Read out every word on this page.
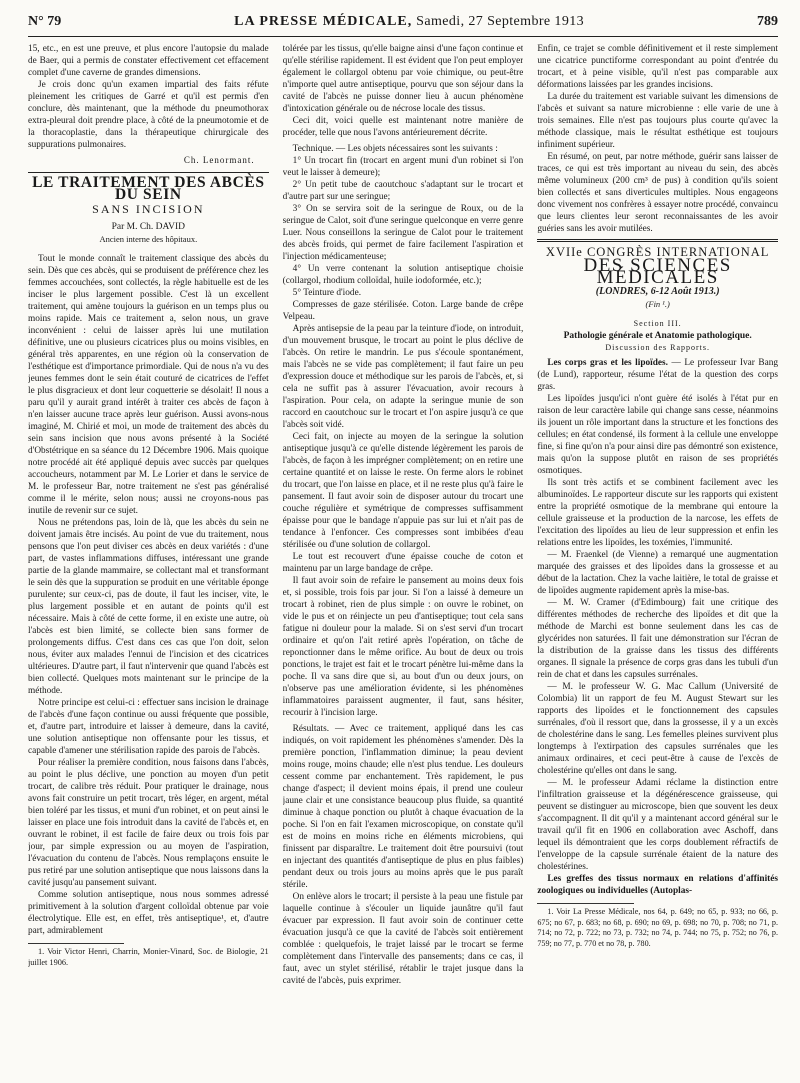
N° 79	LA PRESSE MÉDICALE, Samedi, 27 Septembre 1913	789

15, etc., en est une preuve, et plus encore l'autopsie du malade de Baer, qui a permis de constater effectivement cet effacement complet d'une caverne de grandes dimensions.

Je crois donc qu'un examen impartial des faits réfute pleinement les critiques de Garré et qu'il est permis d'en conclure, dès maintenant, que la méthode du pneumothorax extra-pleural doit prendre place, à côté de la pneumotomie et de la thoracoplastie, dans la thérapeutique chirurgicale des suppurations pulmonaires.

Ch. Lenormant.
LE TRAITEMENT DES ABCÈS DU SEIN
SANS INCISION
Par M. Ch. DAVID
Ancien interne des hôpitaux.

Tout le monde connaît le traitement classique des abcès du sein. Dès que ces abcès, qui se produisent de préférence chez les femmes accouchées, sont collectés, la règle habituelle est de les inciser le plus largement possible. C'est là un excellent traitement, qui amène toujours la guérison en un temps plus ou moins rapide. Mais ce traitement a, selon nous, un grave inconvénient : celui de laisser après lui une mutilation définitive, une ou plusieurs cicatrices plus ou moins visibles, en général très apparentes, en une région où la conservation de l'esthétique est d'importance primordiale. Qui de nous n'a vu des jeunes femmes dont le sein était couturé de cicatrices de l'effet le plus disgracieux et dont leur coquetterie se désolait! Il nous a paru qu'il y aurait grand intérêt à traiter ces abcès de façon à n'en laisser aucune trace après leur guérison. Aussi avons-nous imaginé, M. Chirié et moi, un mode de traitement des abcès du sein sans incision que nous avons présenté à la Société d'Obstétrique en sa séance du 12 Décembre 1906. Mais quoique notre procédé ait été appliqué depuis avec succès par quelques accoucheurs, notamment par M. Le Lorier et dans le service de M. le professeur Bar, notre traitement ne s'est pas généralisé comme il le mérite, selon nous; aussi ne croyons-nous pas inutile de revenir sur ce sujet.

Nous ne prétendons pas, loin de là, que les abcès du sein ne doivent jamais être incisés. Au point de vue du traitement, nous pensons que l'on peut diviser ces abcès en deux variétés : d'une part, de vastes inflammations diffuses, intéressant une grande partie de la glande mammaire, se collectant mal et transformant le sein dès que la suppuration se produit en une véritable éponge purulente; sur ceux-ci, pas de doute, il faut les inciser, vite, le plus largement possible et en autant de points qu'il est nécessaire. Mais à côté de cette forme, il en existe une autre, où l'abcès est bien limité, se collecte bien sans former de prolongements diffus. C'est dans ces cas que l'on doit, selon nous, éviter aux malades l'ennui de l'incision et des cicatrices ultérieures. D'autre part, il faut n'intervenir que quand l'abcès est bien collecté. Quelques mots maintenant sur le principe de la méthode.

Notre principe est celui-ci : effectuer sans incision le drainage de l'abcès d'une façon continue ou aussi fréquente que possible, et, d'autre part, introduire et laisser à demeure, dans la cavité, une solution antiseptique non offensante pour les tissus, et capable d'amener une stérilisation rapide des parois de l'abcès.

Pour réaliser la première condition, nous faisons dans l'abcès, au point le plus déclive, une ponction au moyen d'un petit trocart, de calibre très réduit. Pour pratiquer le drainage, nous avons fait construire un petit trocart, très léger, en argent, métal bien toléré par les tissus, et muni d'un robinet, et on peut ainsi le laisser en place une fois introduit dans la cavité de l'abcès et, en ouvrant le robinet, il est facile de faire deux ou trois fois par jour, par simple expression ou au moyen de l'aspiration, l'évacuation du contenu de l'abcès. Nous remplaçons ensuite le pus retiré par une solution antiseptique que nous laissons dans la cavité jusqu'au pansement suivant.

Comme solution antiseptique, nous nous sommes adressé primitivement à la solution d'argent colloïdal obtenue par voie électrolytique. Elle est, en effet, très antiseptique¹, et, d'autre part, admirablement

1. Voir Victor Henri, Charrin, Monier-Vinard, Soc. de Biologie, 21 juillet 1906.

tolérée par les tissus, qu'elle baigne ainsi d'une façon continue et qu'elle stérilise rapidement. Il est évident que l'on peut employer également le collargol obtenu par voie chimique, ou peut-être n'importe quel autre antiseptique, pourvu que son séjour dans la cavité de l'abcès ne puisse donner lieu à aucun phénomène d'intoxication générale ou de nécrose locale des tissus.

Ceci dit, voici quelle est maintenant notre manière de procéder, telle que nous l'avons antérieurement décrite.

Technique. — Les objets nécessaires sont les suivants :

1° Un trocart fin (trocart en argent muni d'un robinet si l'on veut le laisser à demeure);

2° Un petit tube de caoutchouc s'adaptant sur le trocart et d'autre part sur une seringue;

3° On se servira soit de la seringue de Roux, ou de la seringue de Calot, soit d'une seringue quelconque en verre genre Luer. Nous conseillons la seringue de Calot pour le traitement des abcès froids, qui permet de faire facilement l'aspiration et l'injection médicamenteuse;

4° Un verre contenant la solution antiseptique choisie (collargol, rhodium colloïdal, huile iodoformée, etc.);

5° Teinture d'iode.

Compresses de gaze stérilisée. Coton. Large bande de crêpe Velpeau.

Après antisepsie de la peau par la teinture d'iode, on introduit, d'un mouvement brusque, le trocart au point le plus déclive de l'abcès. On retire le mandrin. Le pus s'écoule spontanément, mais l'abcès ne se vide pas complètement; il faut faire un peu d'expression douce et méthodique sur les parois de l'abcès, et, si cela ne suffit pas à assurer l'évacuation, avoir recours à l'aspiration. Pour cela, on adapte la seringue munie de son raccord en caoutchouc sur le trocart et l'on aspire jusqu'à ce que l'abcès soit vidé.

Ceci fait, on injecte au moyen de la seringue la solution antiseptique jusqu'à ce qu'elle distende légèrement les parois de l'abcès, de façon à les imprégner complètement; on en retire une certaine quantité et on laisse le reste. On ferme alors le robinet du trocart, que l'on laisse en place, et il ne reste plus qu'à faire le pansement. Il faut avoir soin de disposer autour du trocart une couche régulière et symétrique de compresses suffisamment épaisse pour que le bandage n'appuie pas sur lui et n'ait pas de tendance à l'enfoncer. Ces compresses sont imbibées d'eau stérilisée ou d'une solution de collargol.

Le tout est recouvert d'une épaisse couche de coton et maintenu par un large bandage de crêpe.

Il faut avoir soin de refaire le pansement au moins deux fois et, si possible, trois fois par jour. Si l'on a laissé à demeure un trocart à robinet, rien de plus simple : on ouvre le robinet, on vide le pus et on réinjecte un peu d'antiseptique; tout cela sans fatigue ni douleur pour la malade. Si on s'est servi d'un trocart ordinaire et qu'on l'ait retiré après l'opération, on tâche de reponctionner dans le même orifice. Au bout de deux ou trois ponctions, le trajet est fait et le trocart pénètre lui-même dans la poche. Il va sans dire que si, au bout d'un ou deux jours, on n'observe pas une amélioration évidente, si les phénomènes inflammatoires paraissent augmenter, il faut, sans hésiter, recourir à l'incision large.

Résultats. — Avec ce traitement, appliqué dans les cas indiqués, on voit rapidement les phénomènes s'amender. Dès la première ponction, l'inflammation diminue; la peau devient moins rouge, moins chaude; elle n'est plus tendue. Les douleurs cessent comme par enchantement. Très rapidement, le pus change d'aspect; il devient moins épais, il prend une couleur jaune clair et une consistance beaucoup plus fluide, sa quantité diminue à chaque ponction ou plutôt à chaque évacuation de la poche. Si l'on en fait l'examen microscopique, on constate qu'il est de moins en moins riche en éléments microbiens, qui finissent par disparaître. Le traitement doit être poursuivi (tout en injectant des quantités d'antiseptique de plus en plus faibles) pendant deux ou trois jours au moins après que le pus paraît stérile.

On enlève alors le trocart; il persiste à la peau une fistule par laquelle continue à s'écouler un liquide jaunâtre qu'il faut évacuer par expression. Il faut avoir soin de continuer cette évacuation jusqu'à ce que la cavité de l'abcès soit entièrement comblée : quelquefois, le trajet laissé par le trocart se ferme complètement dans l'intervalle des pansements; dans ce cas, il faut, avec un stylet stérilisé, rétablir le trajet jusque dans la cavité de l'abcès, puis exprimer.

Enfin, ce trajet se comble définitivement et il reste simplement une cicatrice punctiforme correspondant au point d'entrée du trocart, et à peine visible, qu'il n'est pas comparable aux déformations laissées par les grandes incisions.

La durée du traitement est variable suivant les dimensions de l'abcès et suivant sa nature microbienne : elle varie de une à trois semaines. Elle n'est pas toujours plus courte qu'avec la méthode classique, mais le résultat esthétique est toujours infiniment supérieur.

En résumé, on peut, par notre méthode, guérir sans laisser de traces, ce qui est très important au niveau du sein, des abcès même volumineux (200 cm³ de pus) à condition qu'ils soient bien collectés et sans diverticules multiples. Nous engageons donc vivement nos confrères à essayer notre procédé, convaincu que leurs clientes leur seront reconnaissantes de les avoir guéries sans les avoir mutilées.

XVIIe CONGRÈS INTERNATIONAL
DES SCIENCES MÉDICALES
(LONDRES, 6-12 Août 1913.)
(Fin ¹.)
Section III.
Pathologie générale et Anatomie pathologique.
Discussion des Rapports.

Les corps gras et les lipoïdes. — Le professeur Ivar Bang (de Lund), rapporteur, résume l'état de la question des corps gras.

Les lipoïdes jusqu'ici n'ont guère été isolés à l'état pur en raison de leur caractère labile qui change sans cesse, néanmoins ils jouent un rôle important dans la structure et les fonctions des cellules; en état condensé, ils forment à la cellule une enveloppe fine, si fine qu'on n'a pour ainsi dire pas démontré son existence, mais qu'on la suppose plutôt en raison de ses propriétés osmotiques.

Ils sont très actifs et se combinent facilement avec les albuminoïdes. Le rapporteur discute sur les rapports qui existent entre la propriété osmotique de la membrane qui entoure la cellule graisseuse et la production de la narcose, les effets de l'excitation des lipoïdes au lieu de leur suppression et enfin les relations entre les lipoïdes, les toxémies, l'immunité.

— M. Fraenkel (de Vienne) a remarqué une augmentation marquée des graisses et des lipoïdes dans la grossesse et au début de la lactation. Chez la vache laitière, le total de graisse et de lipoïdes augmente rapidement après la mise-bas.

— M. W. Cramer (d'Edimbourg) fait une critique des différentes méthodes de recherche des lipoïdes et dit que la méthode de Marchi est bonne seulement dans les cas de glycérides non saturées. Il fait une démonstration sur l'écran de la distribution de la graisse dans les tissus des différents organes. Il signale la présence de corps gras dans les tubuli d'un rein de chat et dans les capsules surrénales.

— M. le professeur W. G. Mac Callum (Université de Colombia) lit un rapport de feu M. August Stewart sur les rapports des lipoïdes et le fonctionnement des capsules surrénales, d'où il ressort que, dans la grossesse, il y a un excès de cholestérine dans le sang. Les femelles pleines survivent plus longtemps à l'extirpation des capsules surrénales que les animaux ordinaires, et ceci peut-être à cause de l'excès de cholestérine qu'elles ont dans le sang.

— M. le professeur Adami réclame la distinction entre l'infiltration graisseuse et la dégénérescence graisseuse, qui peuvent se distinguer au microscope, bien que souvent les deux s'accompagnent. Il dit qu'il y a maintenant accord général sur le travail qu'il fit en 1906 en collaboration avec Aschoff, dans lequel ils démontraient que les corps doublement réfractifs de l'enveloppe de la capsule surrénale étaient de la nature des cholestérines.

Les greffes des tissus normaux en relations d'affinités zoologiques ou individuelles (Autoplas-

1. Voir La Presse Médicale, nos 64, p. 649; no 65, p. 933; no 66, p. 675; no 67, p. 683; no 68, p. 690; no 69, p. 698; no 70, p. 708; no 71, p. 714; no 72, p. 722; no 73, p. 732; no 74, p. 744; no 75, p. 752; no 76, p. 759; no 77, p. 770 et no 78, p. 780.
